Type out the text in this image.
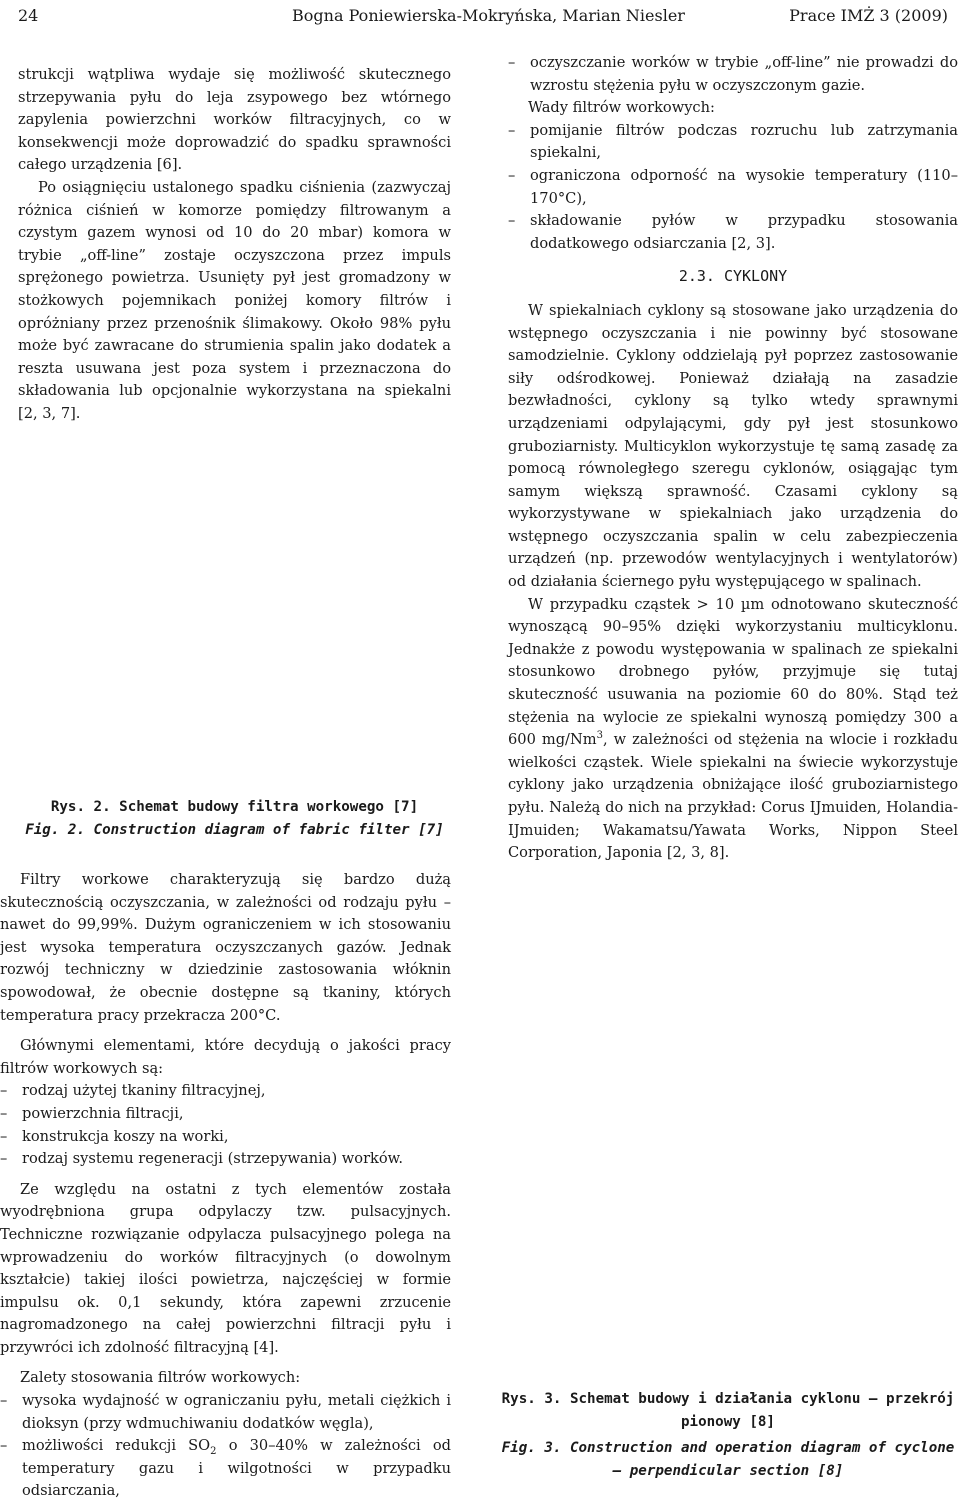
24	Bogna Poniewierska-Mokryńska, Marian Niesler	Prace IMŻ 3 (2009)

strukcji wątpliwa wydaje się możliwość skutecznego strzepywania pyłu do leja zsypowego bez wtórnego zapylenia powierzchni worków filtracyjnych, co w konsekwencji może doprowadzić do spadku sprawności całego urządzenia [6].

Po osiągnięciu ustalonego spadku ciśnienia (zazwyczaj różnica ciśnień w komorze pomiędzy filtrowanym a czystym gazem wynosi od 10 do 20 mbar) komora w trybie „off-line” zostaje oczyszczona przez impuls sprężonego powietrza. Usunięty pył jest gromadzony w stożkowych pojemnikach poniżej komory filtrów i opróżniany przez przenośnik ślimakowy. Około 98% pyłu może być zawracane do strumienia spalin jako dodatek a reszta usuwana jest poza system i przeznaczona do składowania lub opcjonalnie wykorzystana na spiekalni [2, 3, 7].

Rys. 2. Schemat budowy filtra workowego [7]
Fig. 2. Construction diagram of fabric filter [7]
– oczyszczanie worków w trybie „off-line” nie prowadzi do wzrostu stężenia pyłu w oczyszczonym gazie.

Wady filtrów workowych:

– pomijanie filtrów podczas rozruchu lub zatrzymania spiekalni,
– ograniczona odporność na wysokie temperatury (110–170°C),
– składowanie pyłów w przypadku stosowania dodatkowego odsiarczania [2, 3].
2.3. CYKLONY

W spiekalniach cyklony są stosowane jako urządzenia do wstępnego oczyszczania i nie powinny być stosowane samodzielnie. Cyklony oddzielają pył poprzez zastosowanie siły odśrodkowej. Ponieważ działają na zasadzie bezwładności, cyklony są tylko wtedy sprawnymi urządzeniami odpylającymi, gdy pył jest stosunkowo gruboziarnisty. Multicyklon wykorzystuje tę samą zasadę za pomocą równoległego szeregu cyklonów, osiągając tym samym większą sprawność. Czasami cyklony są wykorzystywane w spiekalniach jako urządzenia do wstępnego oczyszczania spalin w celu zabezpieczenia urządzeń (np. przewodów wentylacyjnych i wentylatorów) od działania ściernego pyłu występującego w spalinach.

W przypadku cząstek > 10 µm odnotowano skuteczność wynoszącą 90–95% dzięki wykorzystaniu multicyklonu. Jednakże z powodu występowania w spalinach ze spiekalni stosunkowo drobnego pyłów, przyjmuje się tutaj skuteczność usuwania na poziomie 60 do 80%. Stąd też stężenia na wylocie ze spiekalni wynoszą pomiędzy 300 a 600 mg/Nm$^3$, w zależności od stężenia na wlocie i rozkładu wielkości cząstek. Wiele spiekalni na świecie wykorzystuje cyklony jako urządzenia obniżające ilość gruboziarnistego pyłu. Należą do nich na przykład: Corus IJmuiden, Holandia-IJmuiden; Wakamatsu/Yawata Works, Nippon Steel Corporation, Japonia [2, 3, 8].

Filtry workowe charakteryzują się bardzo dużą skutecznością oczyszczania, w zależności od rodzaju pyłu – nawet do 99,99%. Dużym ograniczeniem w ich stosowaniu jest wysoka temperatura oczyszczanych gazów. Jednak rozwój techniczny w dziedzinie zastosowania włóknin spowodował, że obecnie dostępne są tkaniny, których temperatura pracy przekracza 200°C.

Głównymi elementami, które decydują o jakości pracy filtrów workowych są:

– rodzaj użytej tkaniny filtracyjnej,
– powierzchnia filtracji,
– konstrukcja koszy na worki,
– rodzaj systemu regeneracji (strzepywania) worków.

Ze względu na ostatni z tych elementów została wyodrębniona grupa odpylaczy tzw. pulsacyjnych. Techniczne rozwiązanie odpylacza pulsacyjnego polega na wprowadzeniu do worków filtracyjnych (o dowolnym kształcie) takiej ilości powietrza, najczęściej w formie impulsu ok. 0,1 sekundy, która zapewni zrzucenie nagromadzonego na całej powierzchni filtracji pyłu i przywróci ich zdolność filtracyjną [4].

Zalety stosowania filtrów workowych:

– wysoka wydajność w ograniczaniu pyłu, metali ciężkich i dioksyn (przy wdmuchiwaniu dodatków węgla),
– możliwości redukcji $SO_2$ o 30–40% w zależności od temperatury gazu i wilgotności w przypadku odsiarczania,
Rys. 3. Schemat budowy i działania cyklonu – przekrój pionowy [8]
Fig. 3. Construction and operation diagram of cyclone – perpendicular section [8]
